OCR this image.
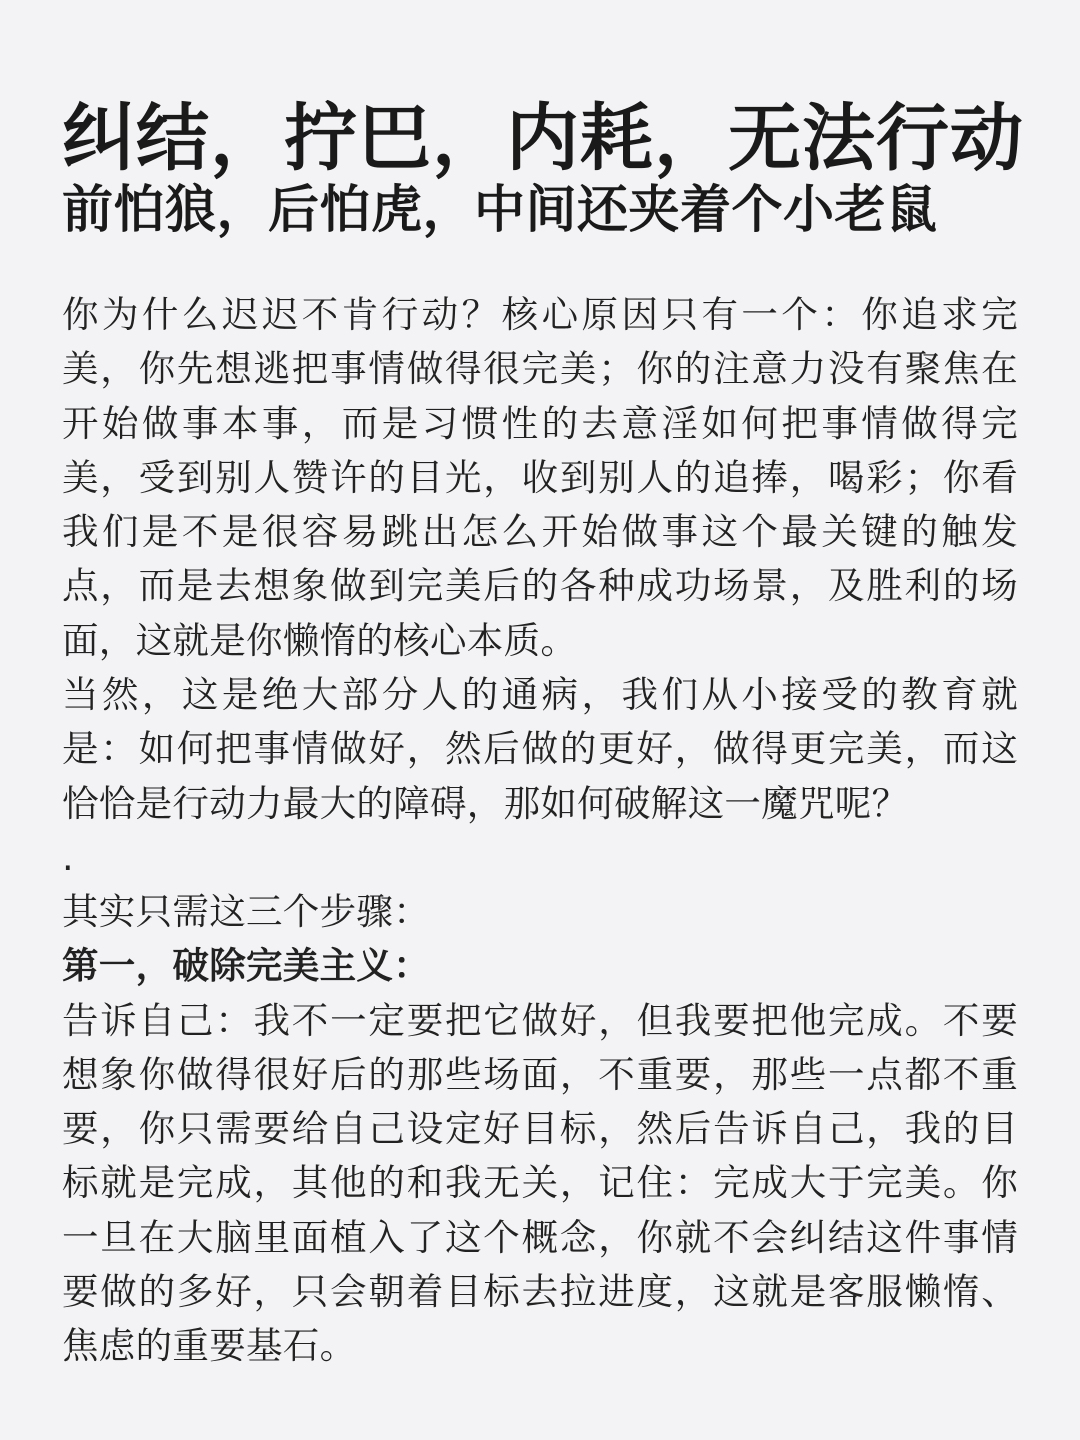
纠结，拧巴，内耗，无法行动
前怕狼，后怕虎，中间还夹着个小老鼠

你为什么迟迟不肯行动？核心原因只有一个：你追求完美，你先想逃把事情做得很完美；你的注意力没有聚焦在开始做事本事，而是习惯性的去意淫如何把事情做得完美，受到别人赞许的目光，收到别人的追捧，喝彩；你看我们是不是很容易跳出怎么开始做事这个最关键的触发点，而是去想象做到完美后的各种成功场景，及胜利的场面，这就是你懒惰的核心本质。

当然，这是绝大部分人的通病，我们从小接受的教育就是：如何把事情做好，然后做的更好，做得更完美，而这恰恰是行动力最大的障碍，那如何破解这一魔咒呢？

.

其实只需这三个步骤：

第一，破除完美主义：

告诉自己：我不一定要把它做好，但我要把他完成。不要想象你做得很好后的那些场面，不重要，那些一点都不重要，你只需要给自己设定好目标，然后告诉自己，我的目标就是完成，其他的和我无关，记住：完成大于完美。你一旦在大脑里面植入了这个概念，你就不会纠结这件事情要做的多好，只会朝着目标去拉进度，这就是客服懒惰、焦虑的重要基石。
